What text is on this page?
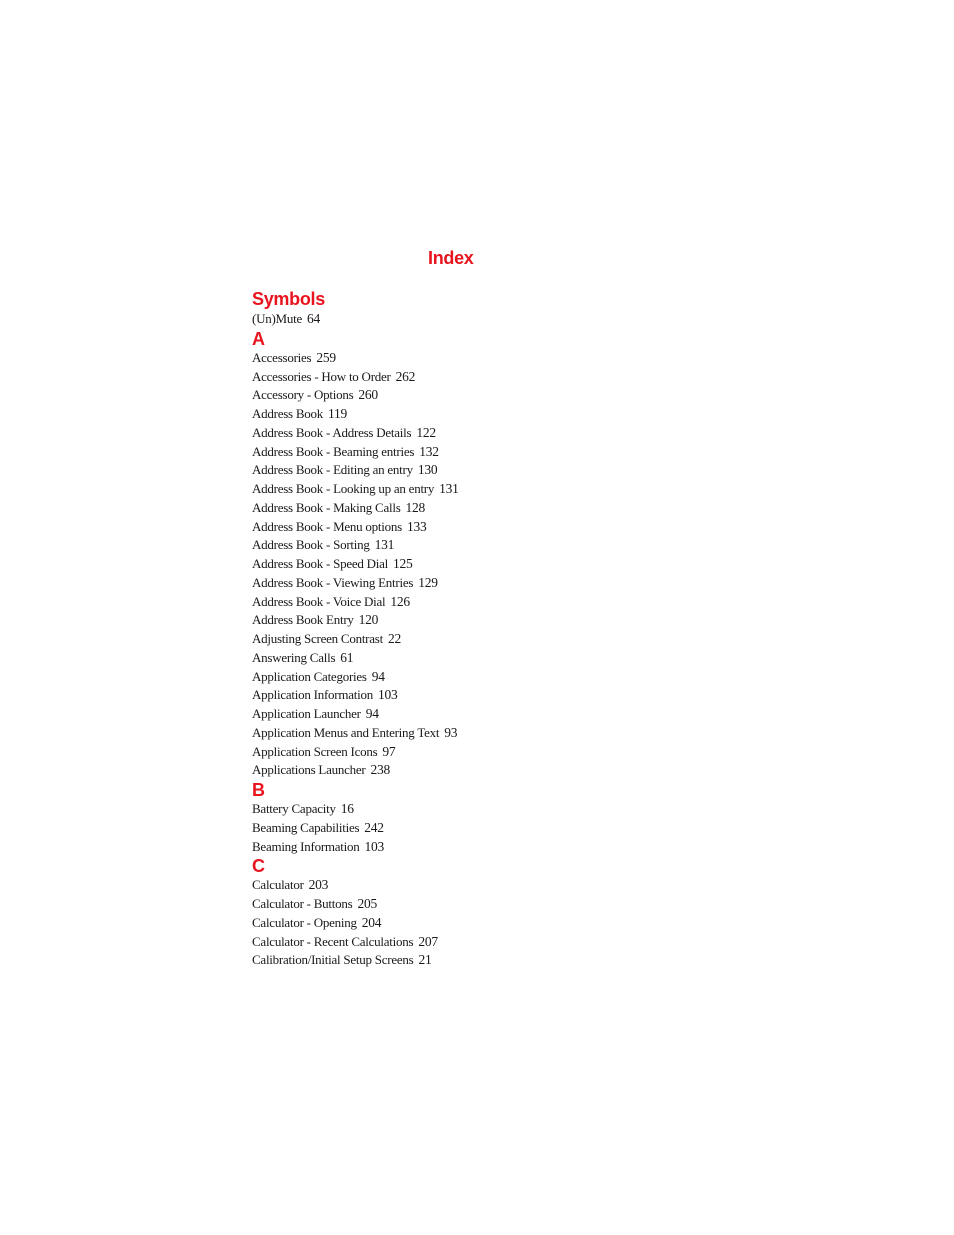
Index
Symbols
(Un)Mute 64
A
Accessories 259
Accessories - How to Order 262
Accessory - Options 260
Address Book 119
Address Book - Address Details 122
Address Book - Beaming entries 132
Address Book - Editing an entry 130
Address Book - Looking up an entry 131
Address Book - Making Calls 128
Address Book - Menu options 133
Address Book - Sorting 131
Address Book - Speed Dial 125
Address Book - Viewing Entries 129
Address Book - Voice Dial 126
Address Book Entry 120
Adjusting Screen Contrast 22
Answering Calls 61
Application Categories 94
Application Information 103
Application Launcher 94
Application Menus and Entering Text 93
Application Screen Icons 97
Applications Launcher 238
B
Battery Capacity 16
Beaming Capabilities 242
Beaming Information 103
C
Calculator 203
Calculator - Buttons 205
Calculator - Opening 204
Calculator - Recent Calculations 207
Calibration/Initial Setup Screens 21
